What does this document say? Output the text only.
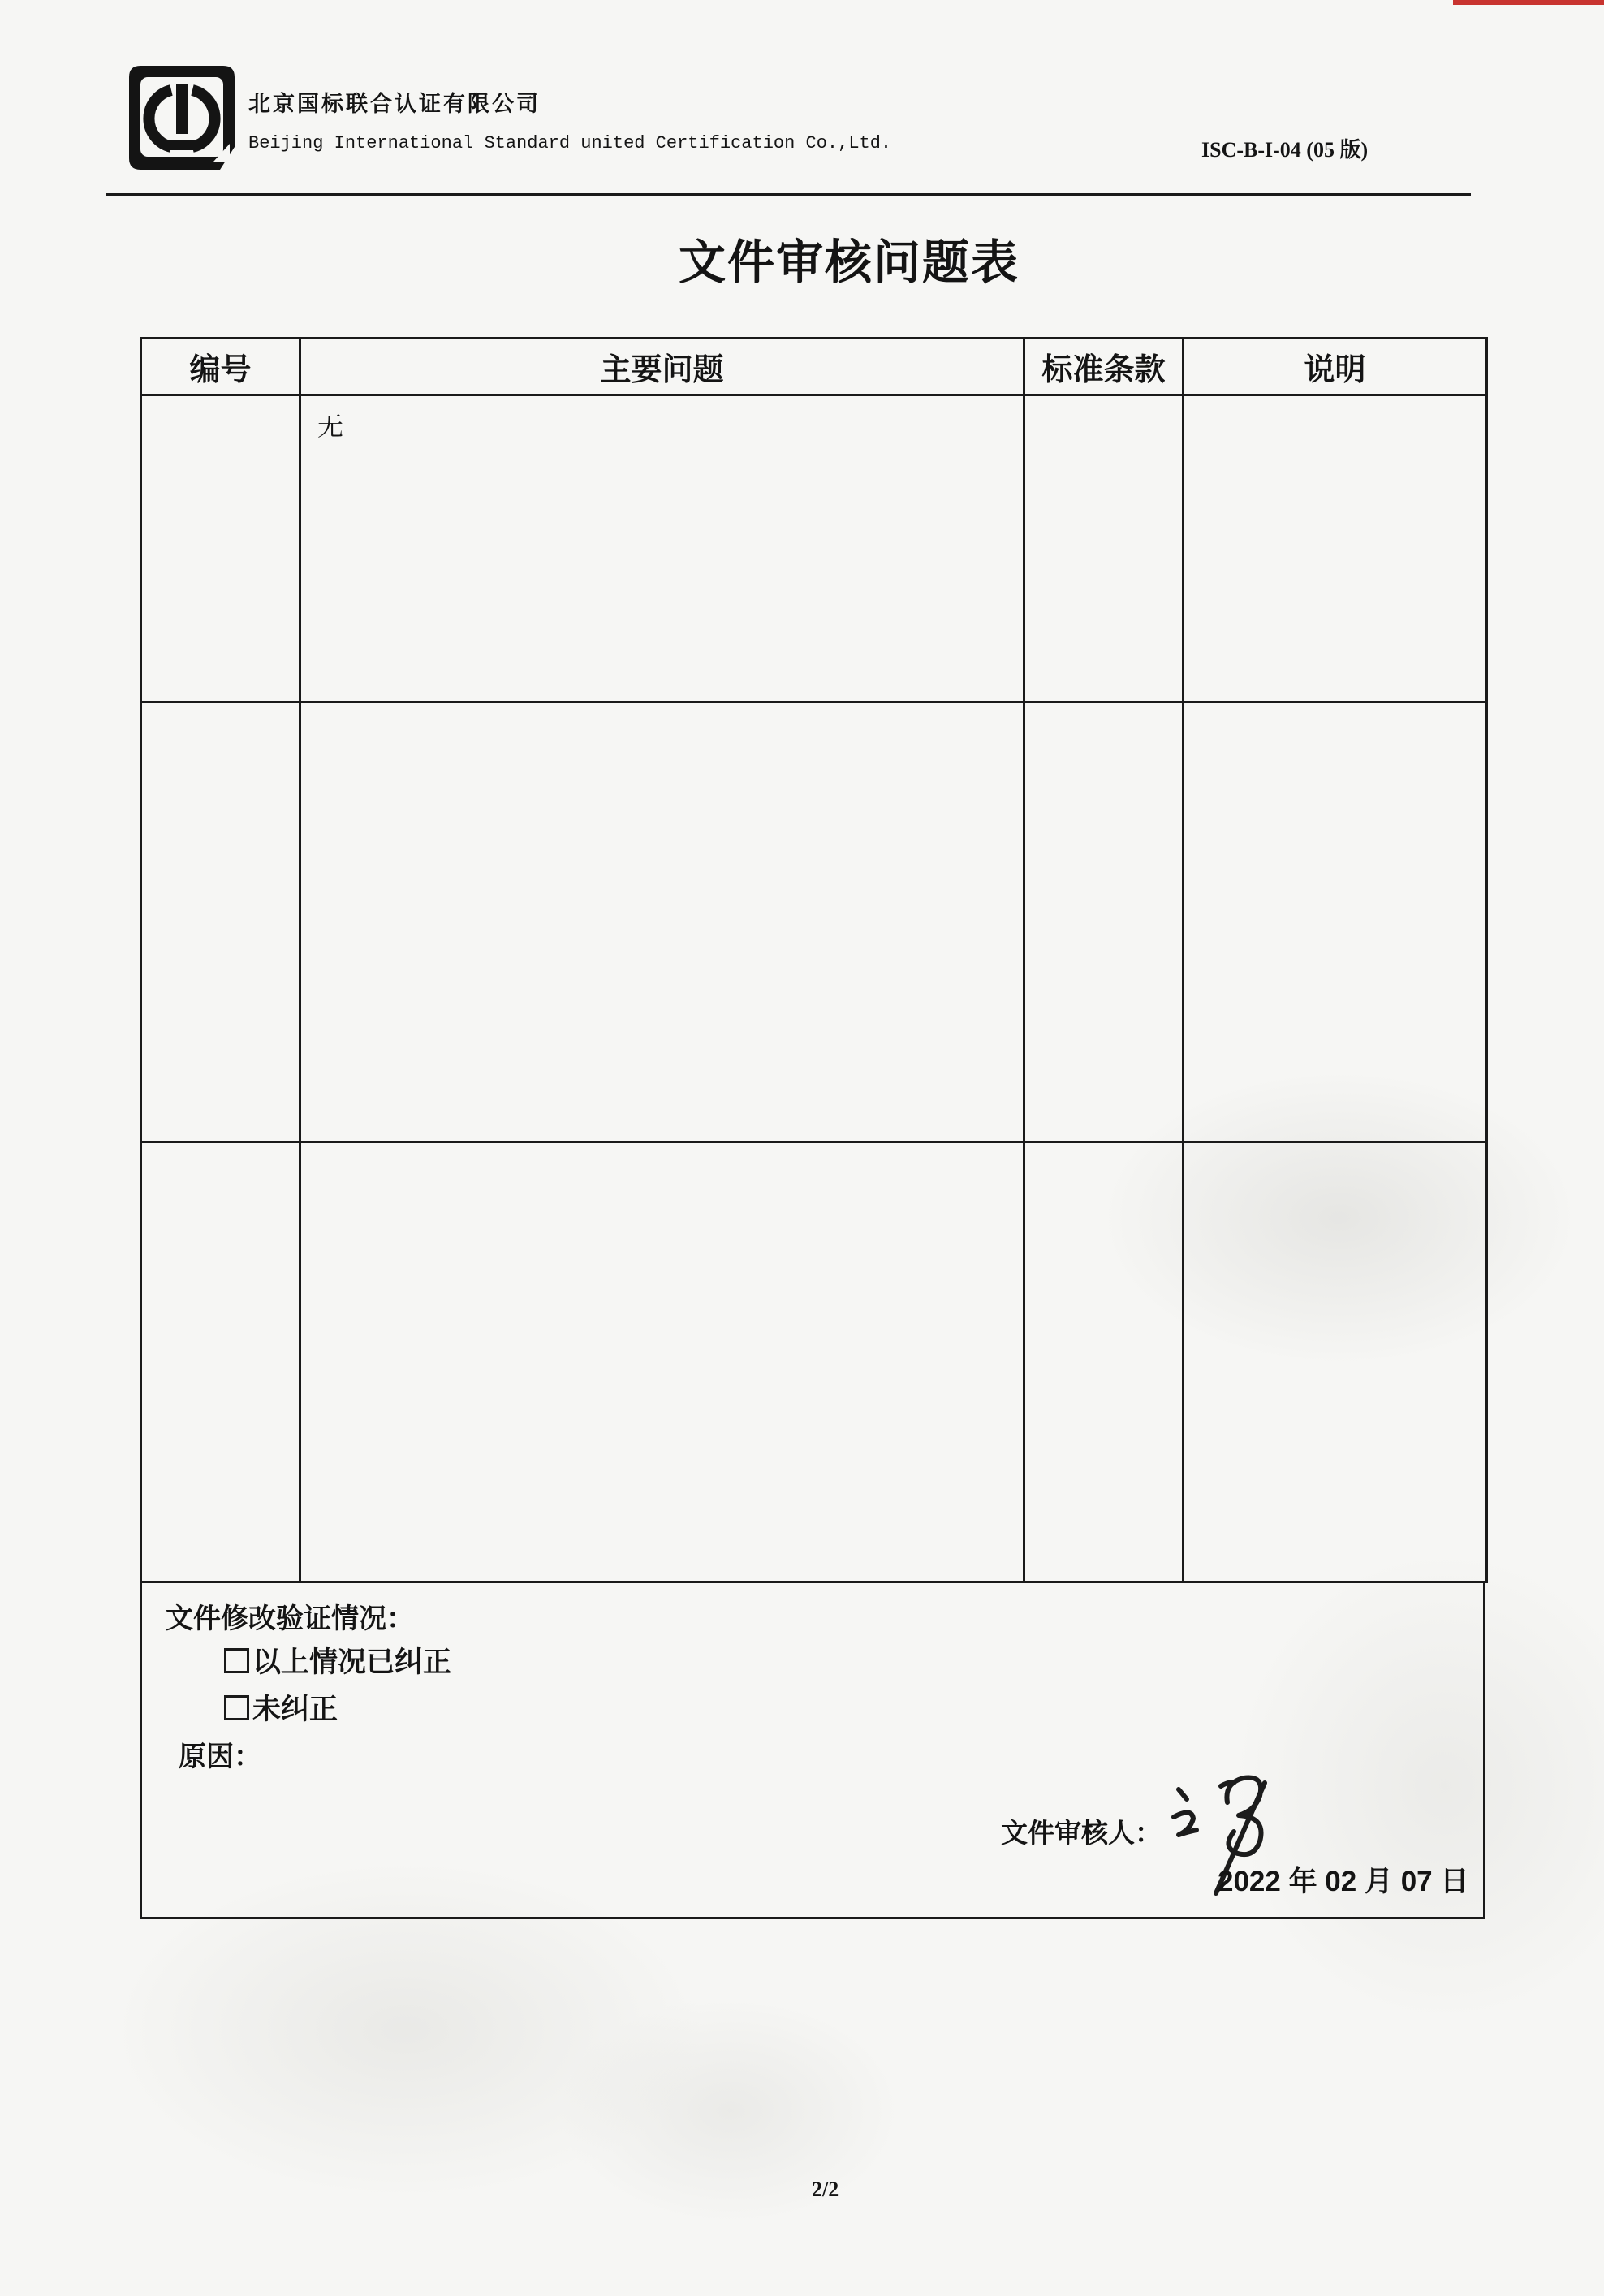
北京国标联合认证有限公司
Beijing International Standard united Certification Co.,Ltd.	ISC-B-I-04 (05 版)
文件审核问题表
编号	主要问题	标准条款	说明

	无		

文件修改验证情况：
以上情况已纠正
未纠正
原因：
文件审核人：
2022 年 02 月 07 日
2/2
